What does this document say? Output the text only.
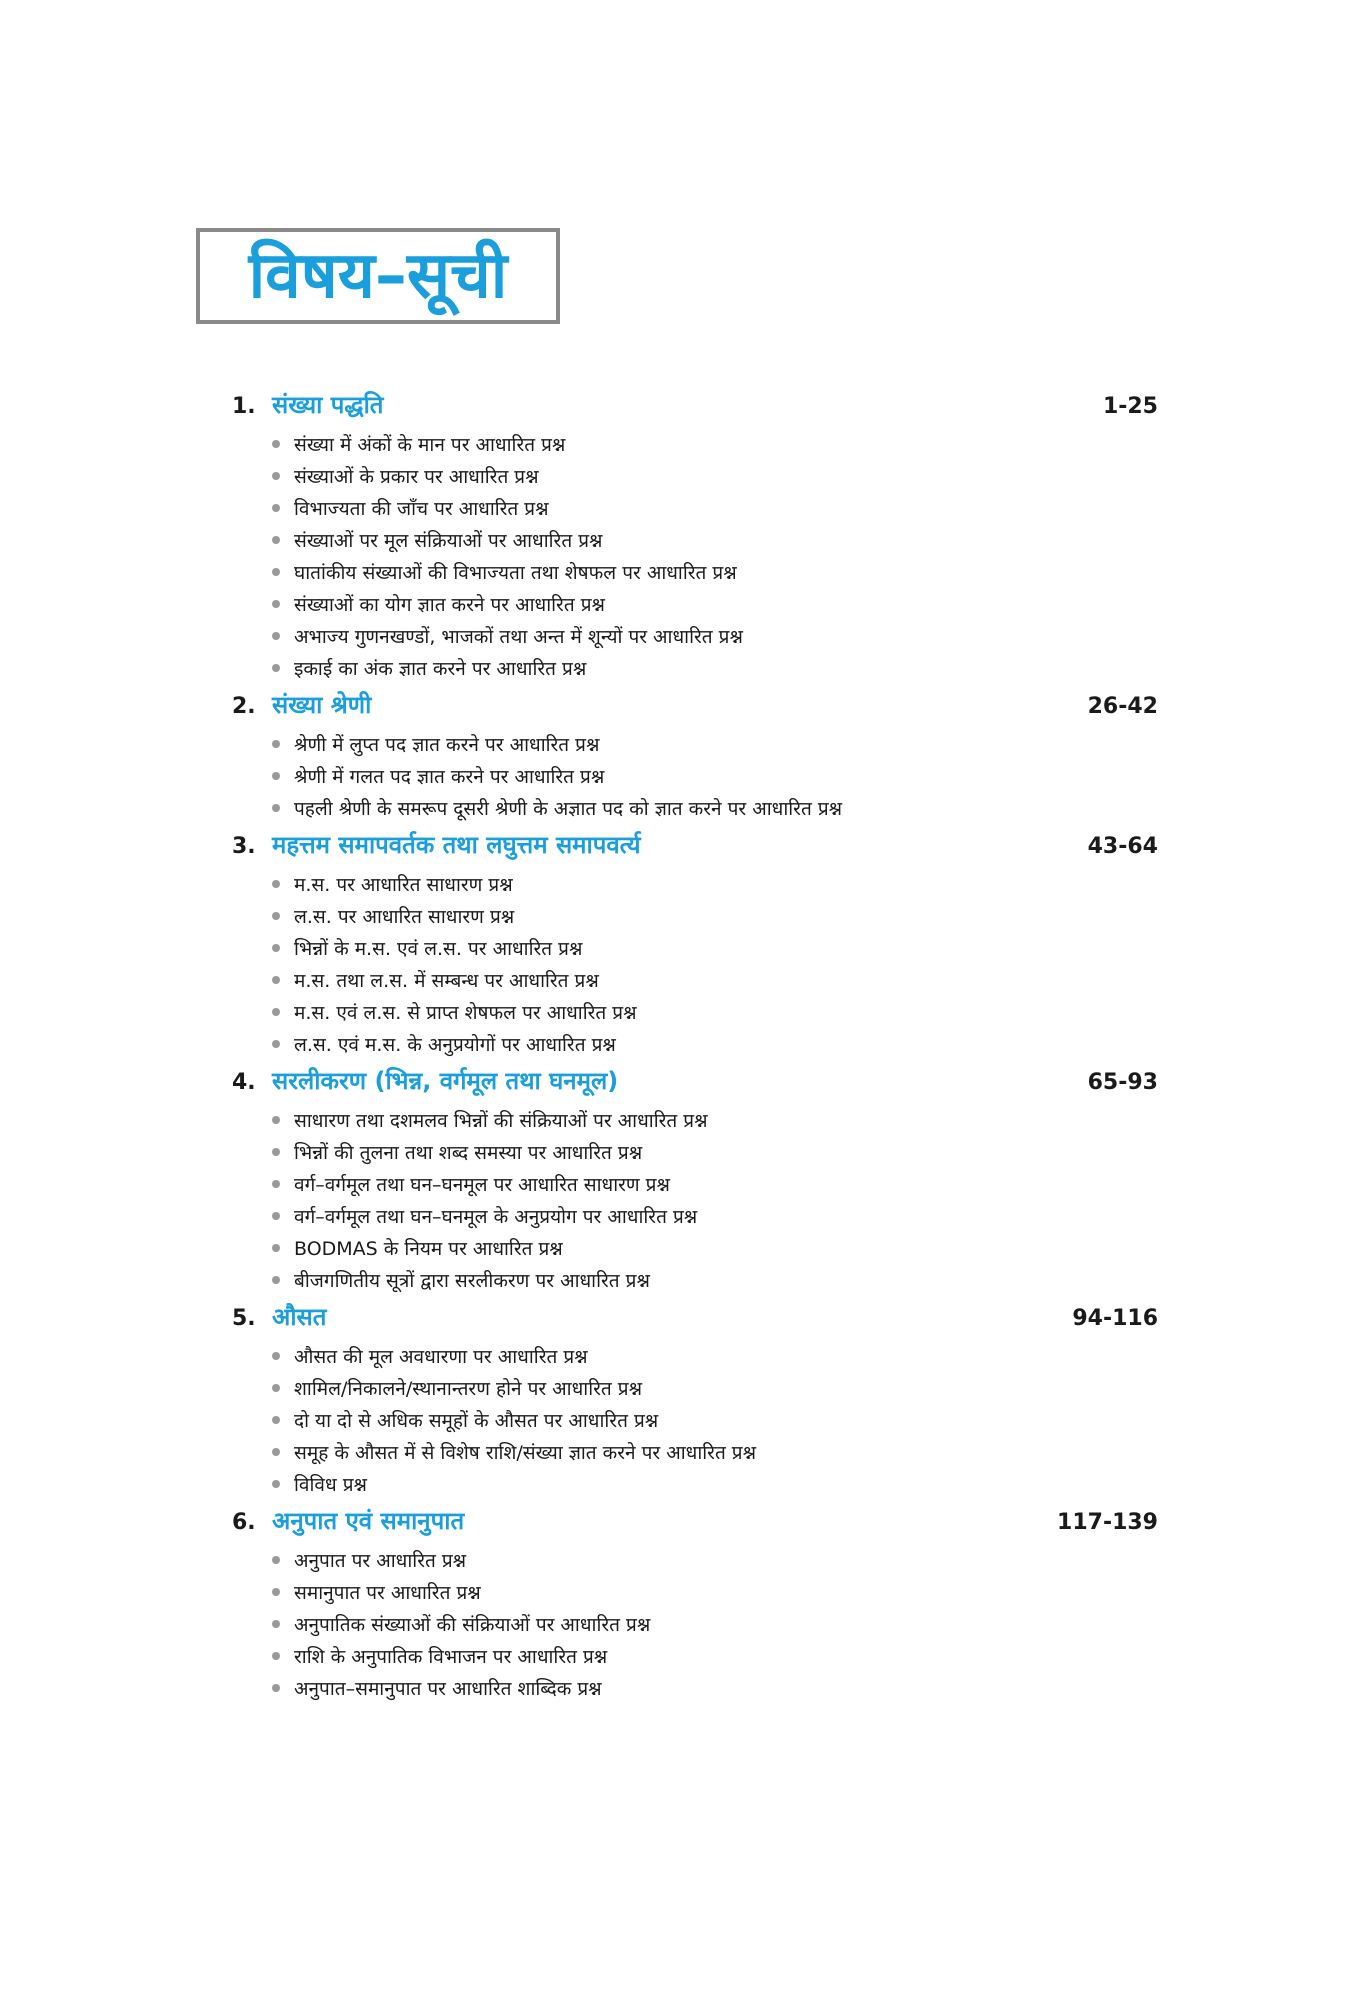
विषय–सूची
1. संख्या पद्धति	1-25
संख्या में अंकों के मान पर आधारित प्रश्न
संख्याओं के प्रकार पर आधारित प्रश्न
विभाज्यता की जाँच पर आधारित प्रश्न
संख्याओं पर मूल संक्रियाओं पर आधारित प्रश्न
घातांकीय संख्याओं की विभाज्यता तथा शेषफल पर आधारित प्रश्न
संख्याओं का योग ज्ञात करने पर आधारित प्रश्न
अभाज्य गुणनखण्डों, भाजकों तथा अन्त में शून्यों पर आधारित प्रश्न
इकाई का अंक ज्ञात करने पर आधारित प्रश्न
2. संख्या श्रेणी	26-42
श्रेणी में लुप्त पद ज्ञात करने पर आधारित प्रश्न
श्रेणी में गलत पद ज्ञात करने पर आधारित प्रश्न
पहली श्रेणी के समरूप दूसरी श्रेणी के अज्ञात पद को ज्ञात करने पर आधारित प्रश्न
3. महत्तम समापवर्तक तथा लघुत्तम समापवर्त्य	43-64
म.स. पर आधारित साधारण प्रश्न
ल.स. पर आधारित साधारण प्रश्न
भिन्नों के म.स. एवं ल.स. पर आधारित प्रश्न
म.स. तथा ल.स. में सम्बन्ध पर आधारित प्रश्न
म.स. एवं ल.स. से प्राप्त शेषफल पर आधारित प्रश्न
ल.स. एवं म.स. के अनुप्रयोगों पर आधारित प्रश्न
4. सरलीकरण (भिन्न, वर्गमूल तथा घनमूल)	65-93
साधारण तथा दशमलव भिन्नों की संक्रियाओं पर आधारित प्रश्न
भिन्नों की तुलना तथा शब्द समस्या पर आधारित प्रश्न
वर्ग–वर्गमूल तथा घन–घनमूल पर आधारित साधारण प्रश्न
वर्ग–वर्गमूल तथा घन–घनमूल के अनुप्रयोग पर आधारित प्रश्न
BODMAS के नियम पर आधारित प्रश्न
बीजगणितीय सूत्रों द्वारा सरलीकरण पर आधारित प्रश्न
5. औसत	94-116
औसत की मूल अवधारणा पर आधारित प्रश्न
शामिल/निकालने/स्थानान्तरण होने पर आधारित प्रश्न
दो या दो से अधिक समूहों के औसत पर आधारित प्रश्न
समूह के औसत में से विशेष राशि/संख्या ज्ञात करने पर आधारित प्रश्न
विविध प्रश्न
6. अनुपात एवं समानुपात	117-139
अनुपात पर आधारित प्रश्न
समानुपात पर आधारित प्रश्न
अनुपातिक संख्याओं की संक्रियाओं पर आधारित प्रश्न
राशि के अनुपातिक विभाजन पर आधारित प्रश्न
अनुपात–समानुपात पर आधारित शाब्दिक प्रश्न
